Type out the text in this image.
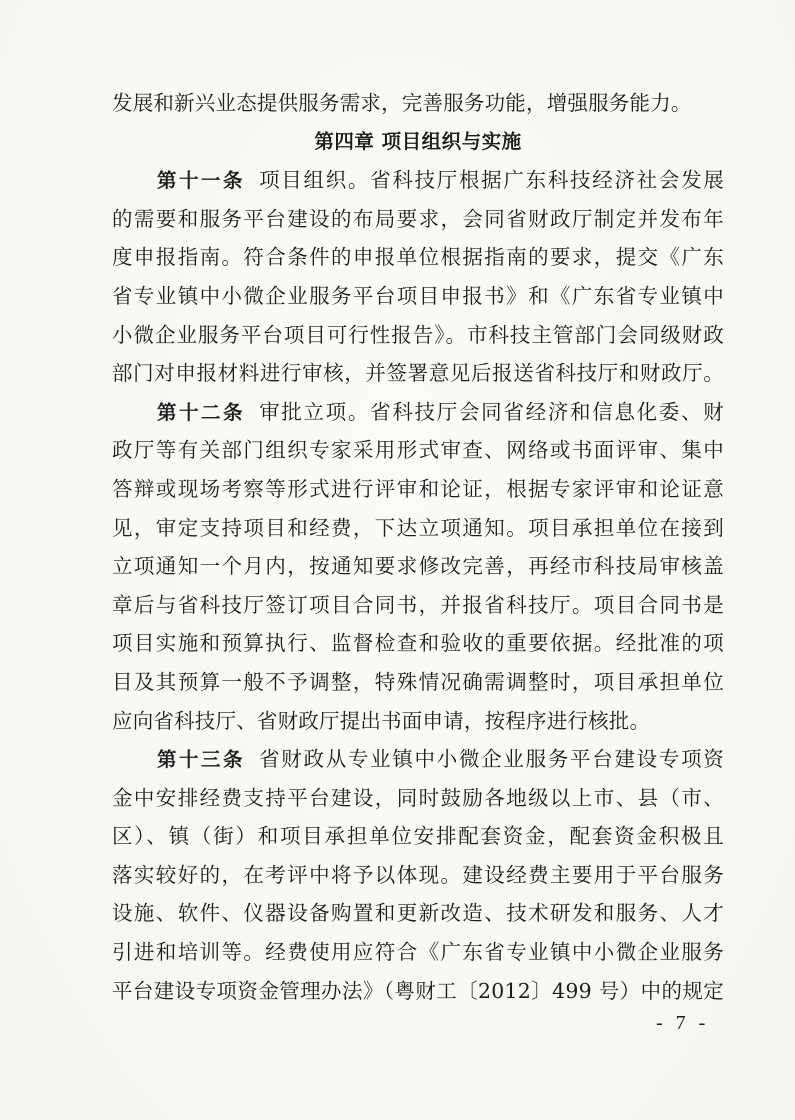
发展和新兴业态提供服务需求，完善服务功能，增强服务能力。
第四章 项目组织与实施
第十一条 项目组织。省科技厅根据广东科技经济社会发展
的需要和服务平台建设的布局要求，会同省财政厅制定并发布年
度申报指南。符合条件的申报单位根据指南的要求，提交《广东
省专业镇中小微企业服务平台项目申报书》和《广东省专业镇中
小微企业服务平台项目可行性报告》。市科技主管部门会同级财政
部门对申报材料进行审核，并签署意见后报送省科技厅和财政厅。
第十二条 审批立项。省科技厅会同省经济和信息化委、财
政厅等有关部门组织专家采用形式审查、网络或书面评审、集中
答辩或现场考察等形式进行评审和论证，根据专家评审和论证意
见，审定支持项目和经费，下达立项通知。项目承担单位在接到
立项通知一个月内，按通知要求修改完善，再经市科技局审核盖
章后与省科技厅签订项目合同书，并报省科技厅。项目合同书是
项目实施和预算执行、监督检查和验收的重要依据。经批准的项
目及其预算一般不予调整，特殊情况确需调整时，项目承担单位
应向省科技厅、省财政厅提出书面申请，按程序进行核批。
第十三条 省财政从专业镇中小微企业服务平台建设专项资
金中安排经费支持平台建设，同时鼓励各地级以上市、县（市、
区）、镇（街）和项目承担单位安排配套资金，配套资金积极且
落实较好的，在考评中将予以体现。建设经费主要用于平台服务
设施、软件、仪器设备购置和更新改造、技术研发和服务、人才
引进和培训等。经费使用应符合《广东省专业镇中小微企业服务
平台建设专项资金管理办法》（粤财工〔2012〕499 号）中的规定
- 7 -
